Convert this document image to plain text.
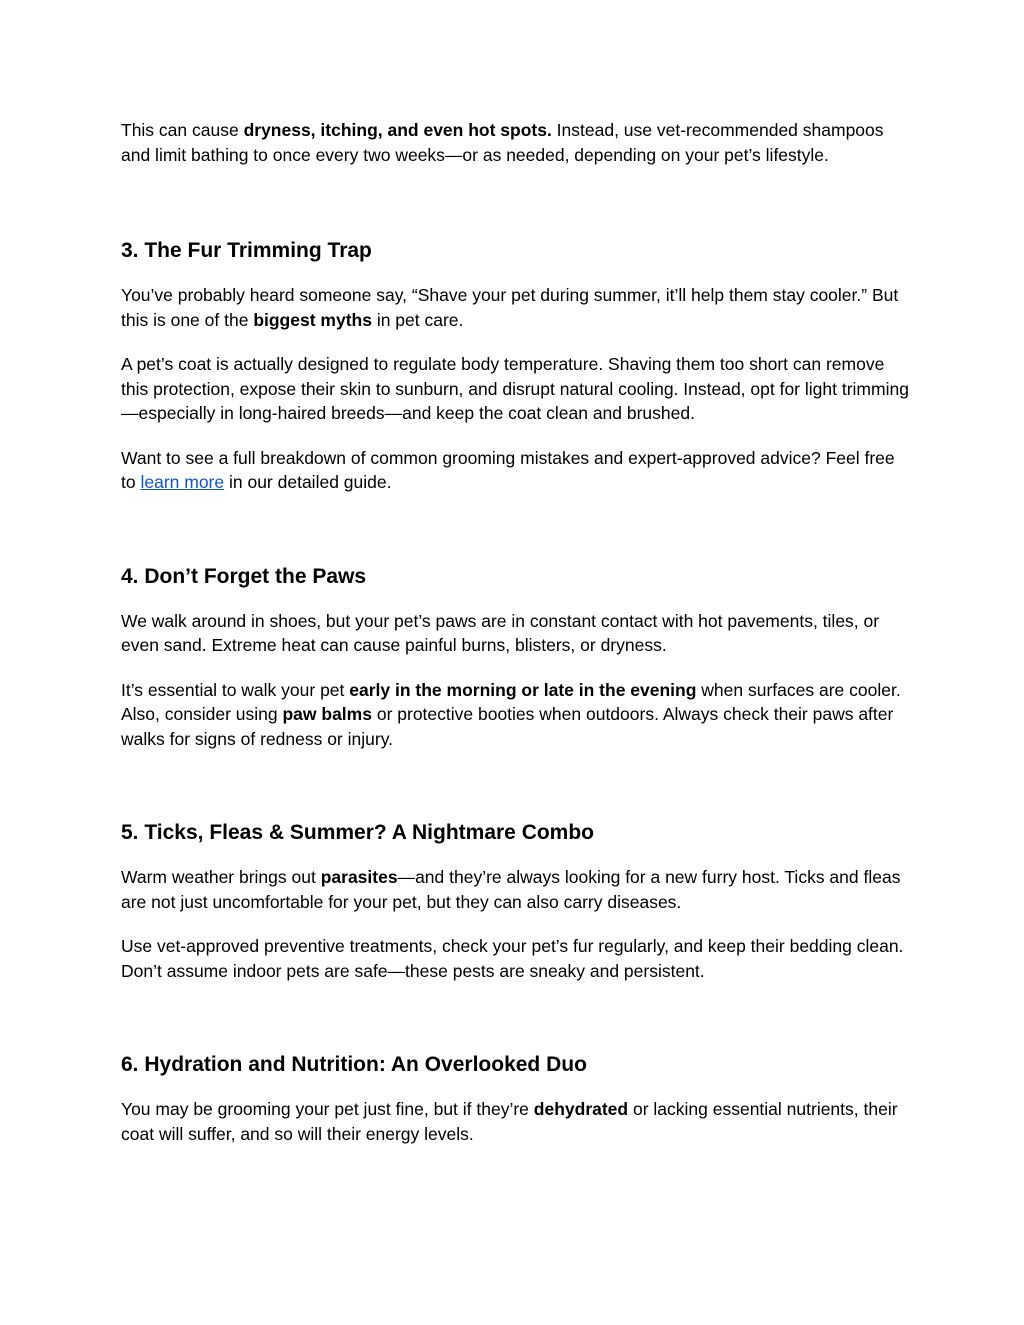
This can cause dryness, itching, and even hot spots. Instead, use vet-recommended shampoos and limit bathing to once every two weeks—or as needed, depending on your pet’s lifestyle.

3. The Fur Trimming Trap

You’ve probably heard someone say, “Shave your pet during summer, it’ll help them stay cooler.” But this is one of the biggest myths in pet care.

A pet’s coat is actually designed to regulate body temperature. Shaving them too short can remove this protection, expose their skin to sunburn, and disrupt natural cooling. Instead, opt for light trimming—especially in long-haired breeds—and keep the coat clean and brushed.

Want to see a full breakdown of common grooming mistakes and expert-approved advice? Feel free to learn more in our detailed guide.

4. Don’t Forget the Paws

We walk around in shoes, but your pet’s paws are in constant contact with hot pavements, tiles, or even sand. Extreme heat can cause painful burns, blisters, or dryness.

It’s essential to walk your pet early in the morning or late in the evening when surfaces are cooler. Also, consider using paw balms or protective booties when outdoors. Always check their paws after walks for signs of redness or injury.

5. Ticks, Fleas & Summer? A Nightmare Combo

Warm weather brings out parasites—and they’re always looking for a new furry host. Ticks and fleas are not just uncomfortable for your pet, but they can also carry diseases.

Use vet-approved preventive treatments, check your pet’s fur regularly, and keep their bedding clean. Don’t assume indoor pets are safe—these pests are sneaky and persistent.

6. Hydration and Nutrition: An Overlooked Duo

You may be grooming your pet just fine, but if they’re dehydrated or lacking essential nutrients, their coat will suffer, and so will their energy levels.
